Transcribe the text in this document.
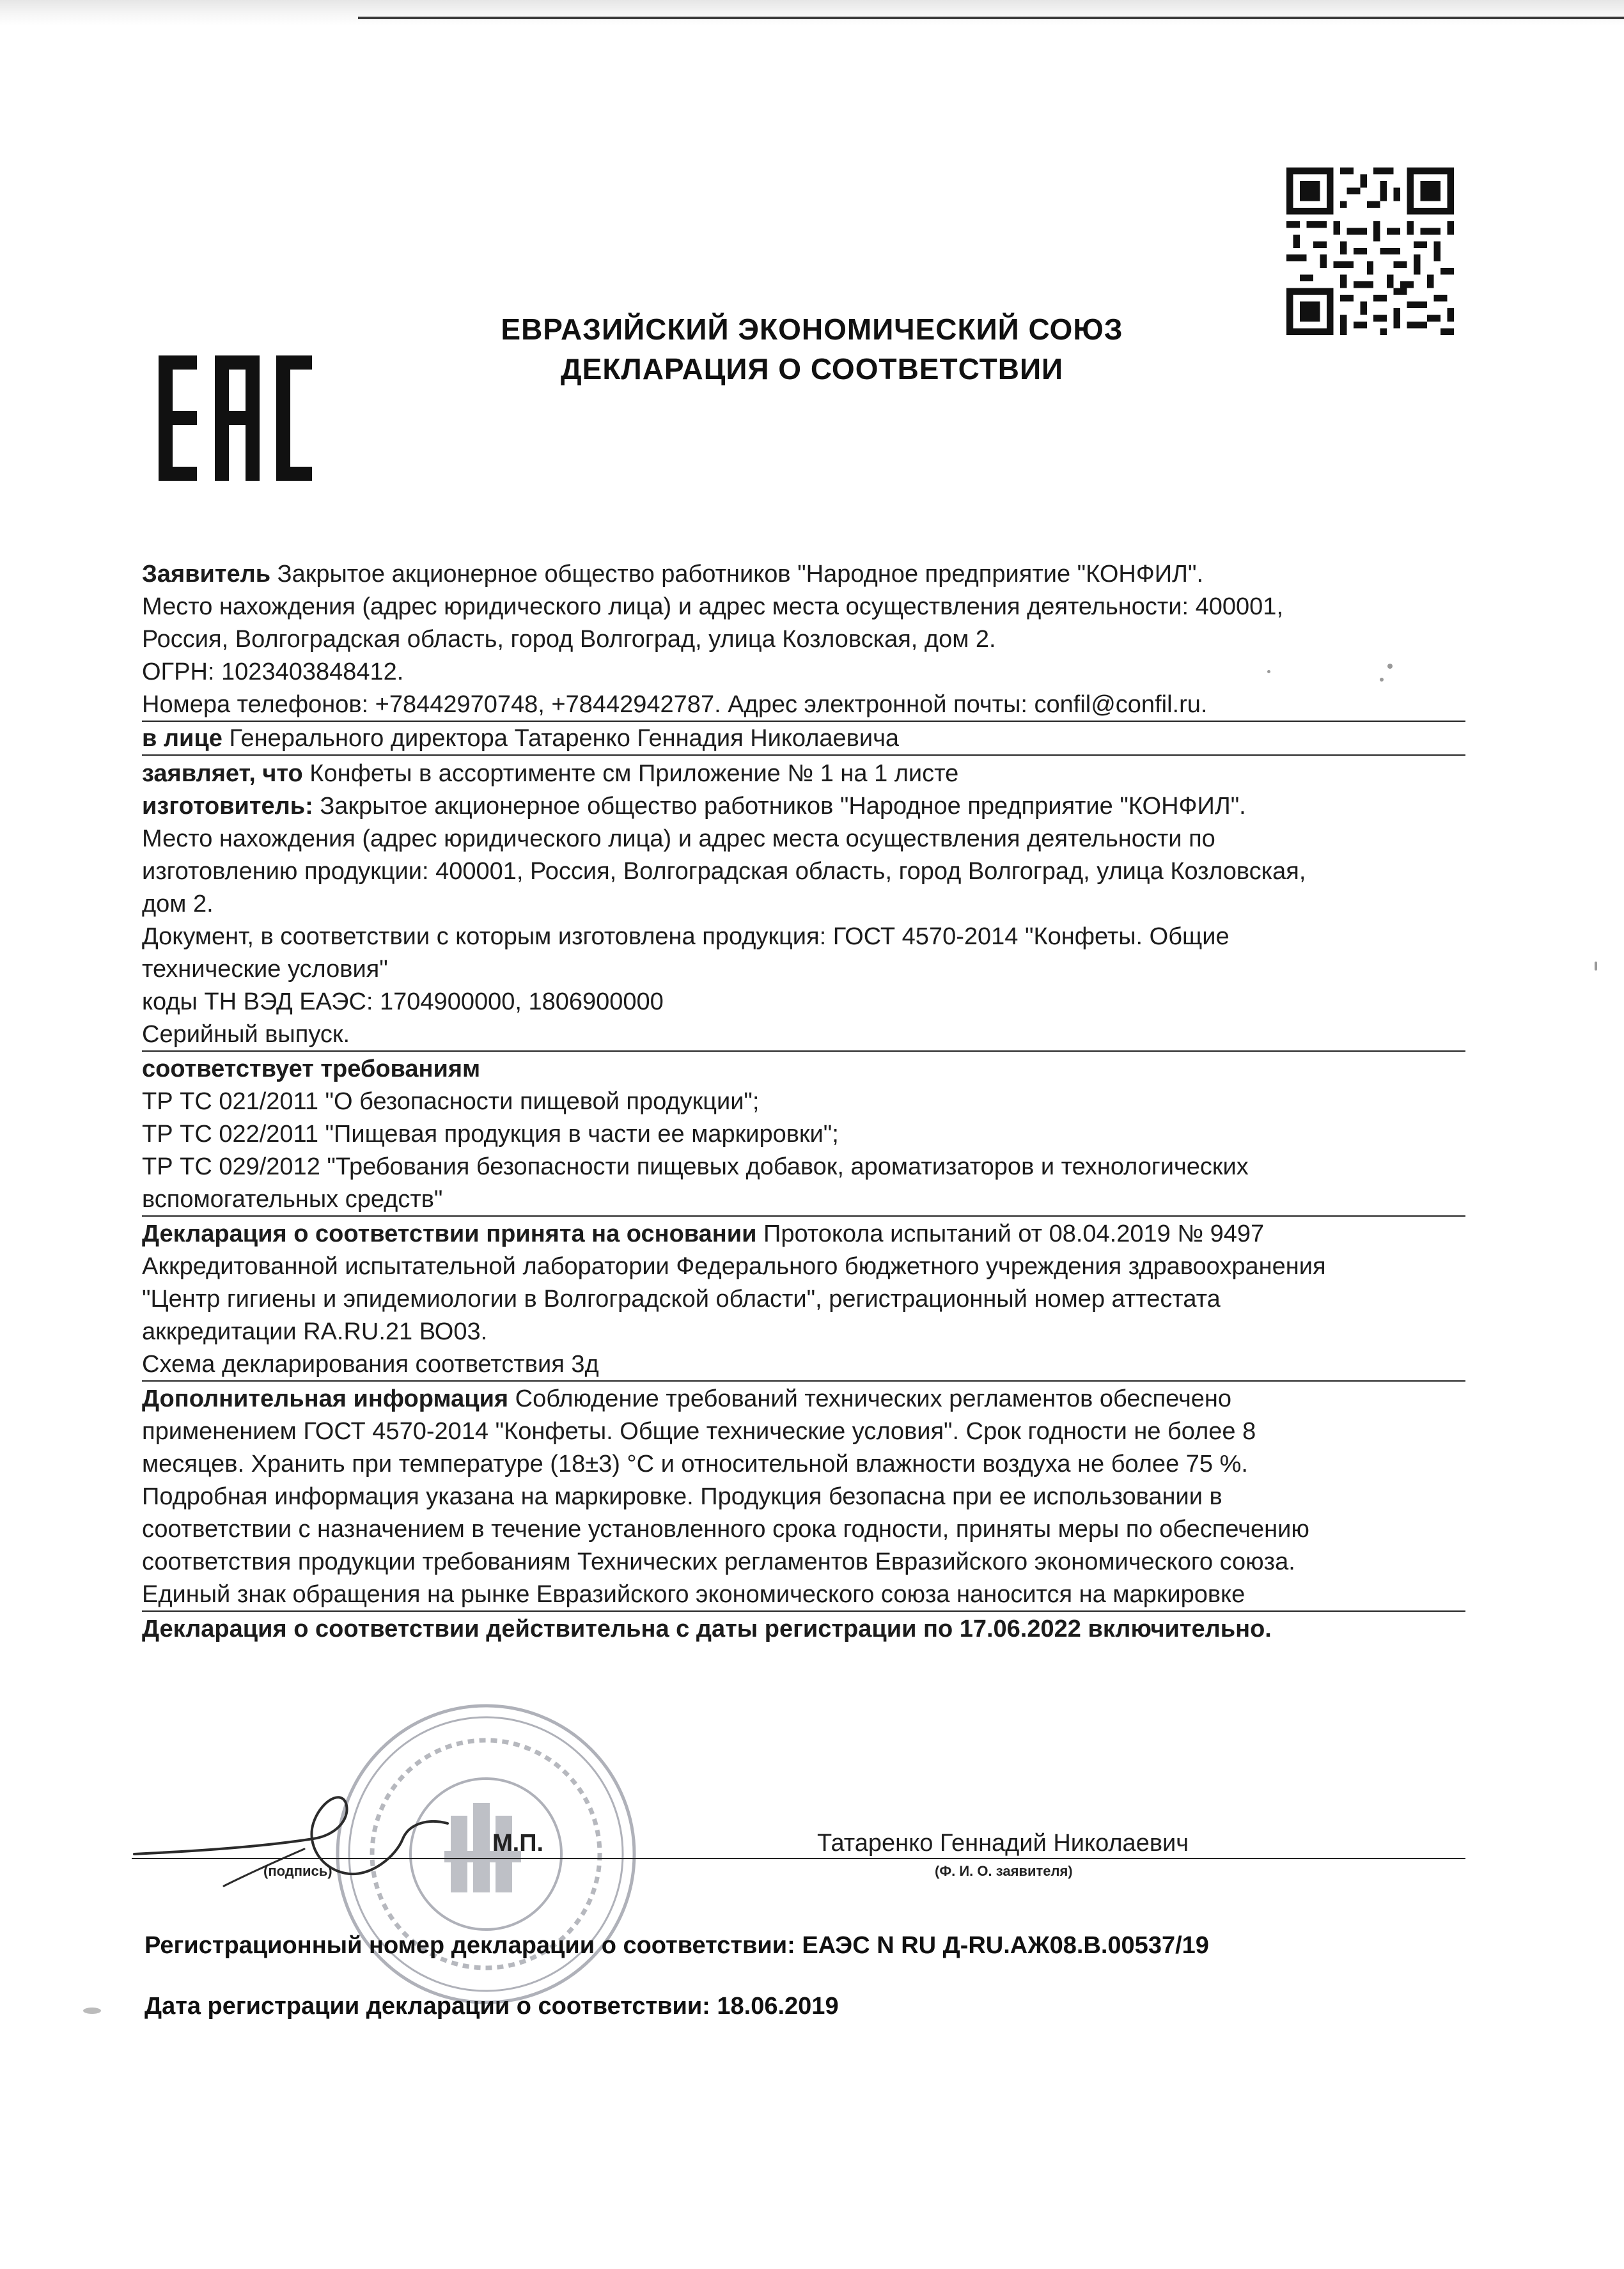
ЕВРАЗИЙСКИЙ ЭКОНОМИЧЕСКИЙ СОЮЗ
ДЕКЛАРАЦИЯ О СООТВЕТСТВИИ
Заявитель Закрытое акционерное общество работников "Народное предприятие "КОНФИЛ".
Место нахождения (адрес юридического лица) и адрес места осуществления деятельности: 400001,
Россия, Волгоградская область, город Волгоград, улица Козловская, дом 2.
ОГРН: 1023403848412.
Номера телефонов: +78442970748, +78442942787. Адрес электронной почты: confil@confil.ru.
в лице Генерального директора Татаренко Геннадия Николаевича
заявляет, что Конфеты в ассортименте см Приложение № 1 на 1 листе
изготовитель: Закрытое акционерное общество работников "Народное предприятие "КОНФИЛ".
Место нахождения (адрес юридического лица) и адрес места осуществления деятельности по
изготовлению продукции: 400001, Россия, Волгоградская область, город Волгоград, улица Козловская,
дом 2.
Документ, в соответствии с которым изготовлена продукция: ГОСТ 4570-2014 "Конфеты. Общие
технические условия"
коды ТН ВЭД ЕАЭС: 1704900000, 1806900000
Серийный выпуск.
соответствует требованиям
ТР ТС 021/2011 "О безопасности пищевой продукции";
ТР ТС 022/2011 "Пищевая продукция в части ее маркировки";
ТР ТС 029/2012 "Требования безопасности пищевых добавок, ароматизаторов и технологических
вспомогательных средств"
Декларация о соответствии принята на основании Протокола испытаний от 08.04.2019 № 9497
Аккредитованной испытательной лаборатории Федерального бюджетного учреждения здравоохранения
"Центр гигиены и эпидемиологии в Волгоградской области", регистрационный номер аттестата
аккредитации RA.RU.21 ВО03.
Схема декларирования соответствия 3д
Дополнительная информация Соблюдение требований технических регламентов обеспечено
применением ГОСТ 4570-2014 "Конфеты. Общие технические условия". Срок годности не более 8
месяцев. Хранить при температуре (18±3) °С и относительной влажности воздуха не более 75 %.
Подробная информация указана на маркировке. Продукция безопасна при ее использовании в
соответствии с назначением в течение установленного срока годности, приняты меры по обеспечению
соответствия продукции требованиям Технических регламентов Евразийского экономического союза.
Единый знак обращения на рынке Евразийского экономического союза наносится на маркировке
Декларация о соответствии действительна с даты регистрации по 17.06.2022 включительно.
М.П.	Татаренко Геннадий Николаевич
(подпись)	(Ф. И. О. заявителя)
Регистрационный номер декларации о соответствии: ЕАЭС N RU Д-RU.АЖ08.В.00537/19
Дата регистрации декларации о соответствии: 18.06.2019
